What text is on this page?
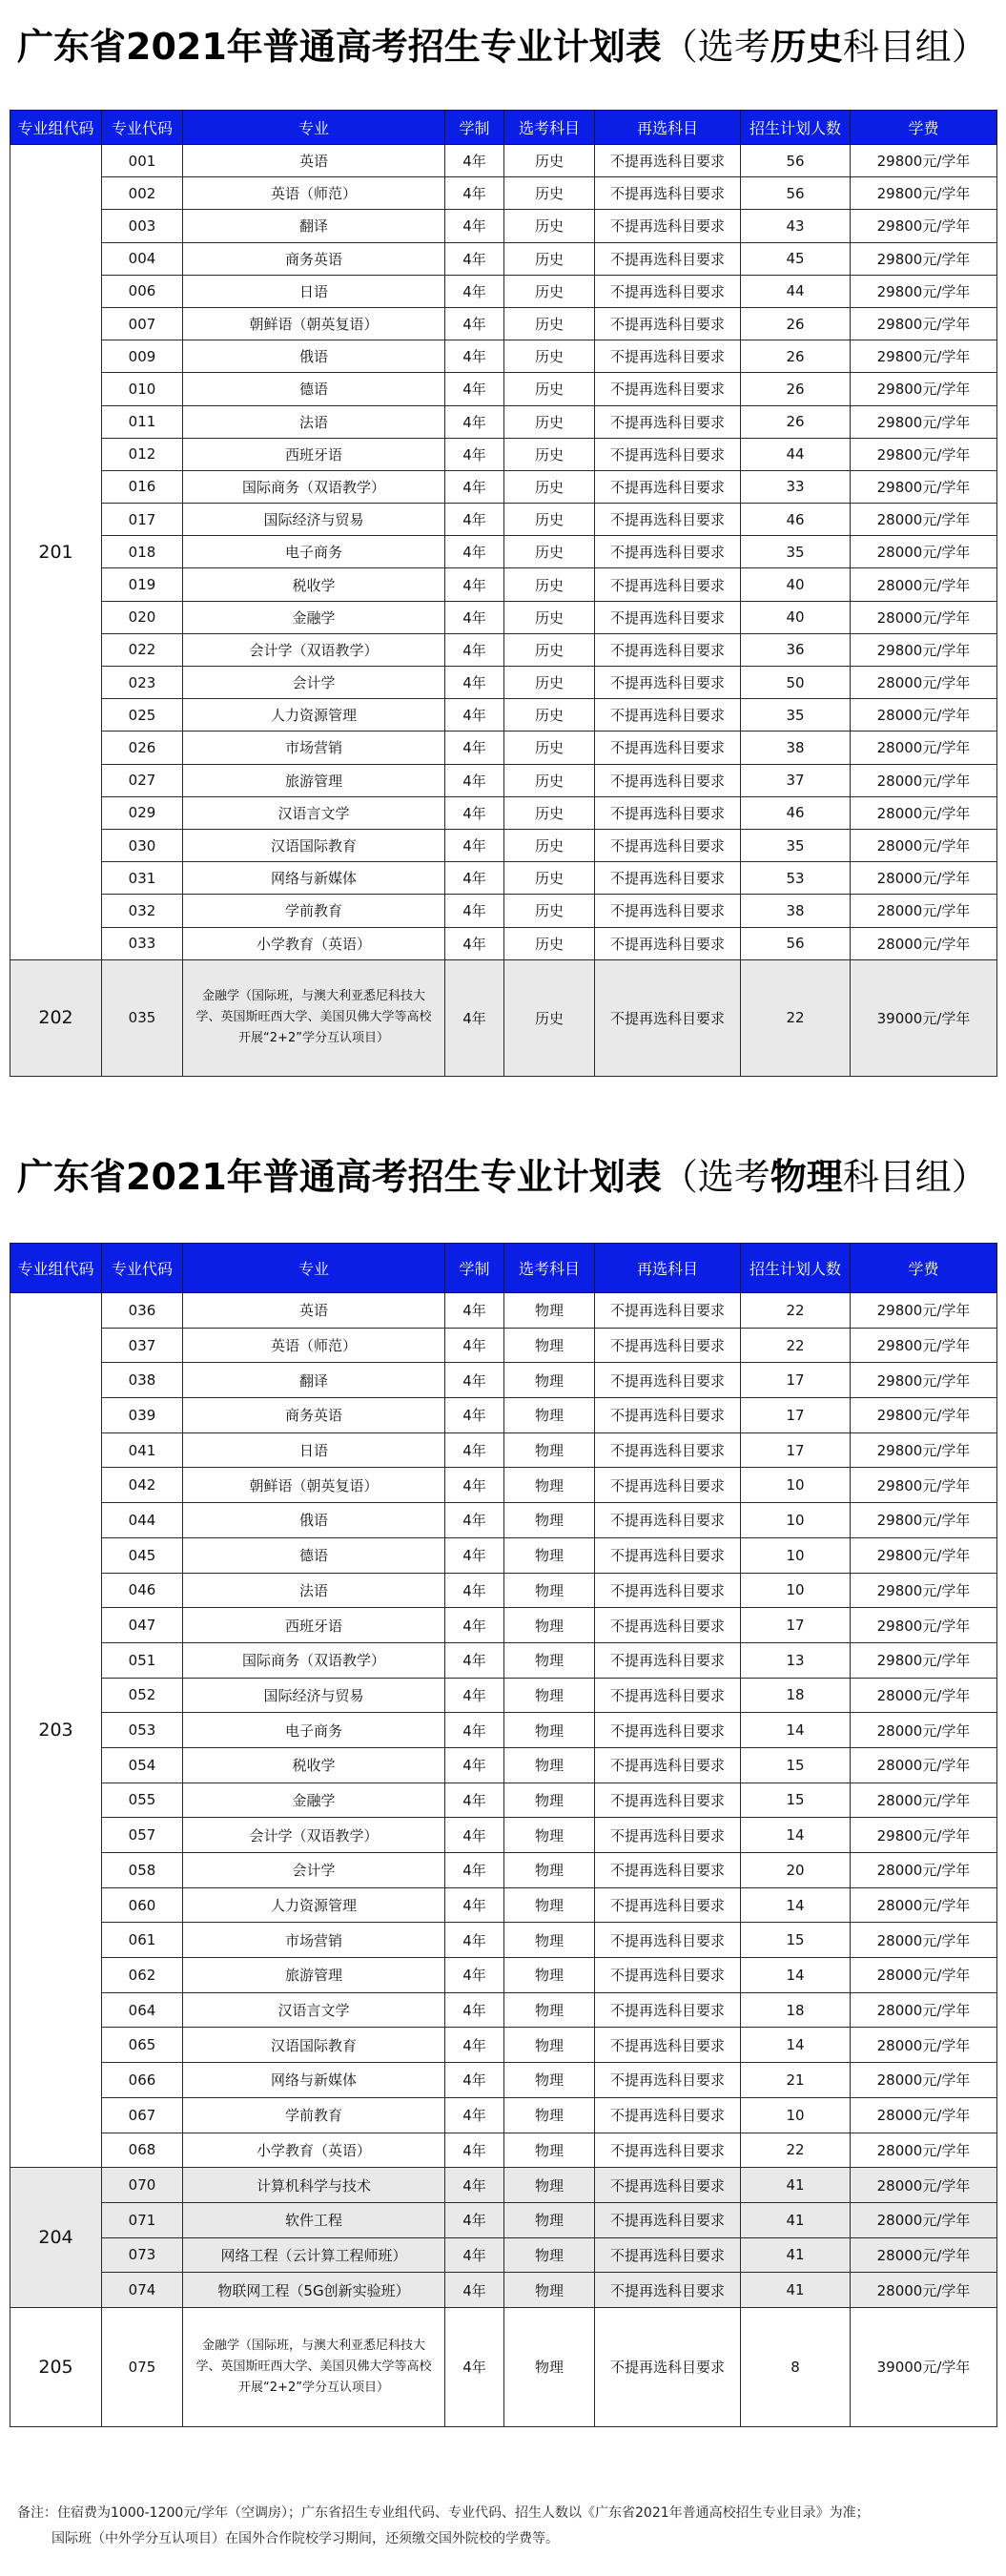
广东省2021年普通高考招生专业计划表（选考历史科目组）
专业组代码	专业代码	专业	学制	选考科目	再选科目	招生计划人数	学费
201	001	英语	4年	历史	不提再选科目要求	56	29800元/学年
	002	英语（师范）	4年	历史	不提再选科目要求	56	29800元/学年
	003	翻译	4年	历史	不提再选科目要求	43	29800元/学年
	004	商务英语	4年	历史	不提再选科目要求	45	29800元/学年
	006	日语	4年	历史	不提再选科目要求	44	29800元/学年
	007	朝鲜语（朝英复语）	4年	历史	不提再选科目要求	26	29800元/学年
	009	俄语	4年	历史	不提再选科目要求	26	29800元/学年
	010	德语	4年	历史	不提再选科目要求	26	29800元/学年
	011	法语	4年	历史	不提再选科目要求	26	29800元/学年
	012	西班牙语	4年	历史	不提再选科目要求	44	29800元/学年
	016	国际商务（双语教学）	4年	历史	不提再选科目要求	33	29800元/学年
	017	国际经济与贸易	4年	历史	不提再选科目要求	46	28000元/学年
	018	电子商务	4年	历史	不提再选科目要求	35	28000元/学年
	019	税收学	4年	历史	不提再选科目要求	40	28000元/学年
	020	金融学	4年	历史	不提再选科目要求	40	28000元/学年
	022	会计学（双语教学）	4年	历史	不提再选科目要求	36	29800元/学年
	023	会计学	4年	历史	不提再选科目要求	50	28000元/学年
	025	人力资源管理	4年	历史	不提再选科目要求	35	28000元/学年
	026	市场营销	4年	历史	不提再选科目要求	38	28000元/学年
	027	旅游管理	4年	历史	不提再选科目要求	37	28000元/学年
	029	汉语言文学	4年	历史	不提再选科目要求	46	28000元/学年
	030	汉语国际教育	4年	历史	不提再选科目要求	35	28000元/学年
	031	网络与新媒体	4年	历史	不提再选科目要求	53	28000元/学年
	032	学前教育	4年	历史	不提再选科目要求	38	28000元/学年
	033	小学教育（英语）	4年	历史	不提再选科目要求	56	28000元/学年
202	035	金融学（国际班，与澳大利亚悉尼科技大学、英国斯旺西大学、美国贝佛大学等高校开展“2+2”学分互认项目）	4年	历史	不提再选科目要求	22	39000元/学年
广东省2021年普通高考招生专业计划表（选考物理科目组）
专业组代码	专业代码	专业	学制	选考科目	再选科目	招生计划人数	学费
203	036	英语	4年	物理	不提再选科目要求	22	29800元/学年
	037	英语（师范）	4年	物理	不提再选科目要求	22	29800元/学年
	038	翻译	4年	物理	不提再选科目要求	17	29800元/学年
	039	商务英语	4年	物理	不提再选科目要求	17	29800元/学年
	041	日语	4年	物理	不提再选科目要求	17	29800元/学年
	042	朝鲜语（朝英复语）	4年	物理	不提再选科目要求	10	29800元/学年
	044	俄语	4年	物理	不提再选科目要求	10	29800元/学年
	045	德语	4年	物理	不提再选科目要求	10	29800元/学年
	046	法语	4年	物理	不提再选科目要求	10	29800元/学年
	047	西班牙语	4年	物理	不提再选科目要求	17	29800元/学年
	051	国际商务（双语教学）	4年	物理	不提再选科目要求	13	29800元/学年
	052	国际经济与贸易	4年	物理	不提再选科目要求	18	28000元/学年
	053	电子商务	4年	物理	不提再选科目要求	14	28000元/学年
	054	税收学	4年	物理	不提再选科目要求	15	28000元/学年
	055	金融学	4年	物理	不提再选科目要求	15	28000元/学年
	057	会计学（双语教学）	4年	物理	不提再选科目要求	14	29800元/学年
	058	会计学	4年	物理	不提再选科目要求	20	28000元/学年
	060	人力资源管理	4年	物理	不提再选科目要求	14	28000元/学年
	061	市场营销	4年	物理	不提再选科目要求	15	28000元/学年
	062	旅游管理	4年	物理	不提再选科目要求	14	28000元/学年
	064	汉语言文学	4年	物理	不提再选科目要求	18	28000元/学年
	065	汉语国际教育	4年	物理	不提再选科目要求	14	28000元/学年
	066	网络与新媒体	4年	物理	不提再选科目要求	21	28000元/学年
	067	学前教育	4年	物理	不提再选科目要求	10	28000元/学年
	068	小学教育（英语）	4年	物理	不提再选科目要求	22	28000元/学年
204	070	计算机科学与技术	4年	物理	不提再选科目要求	41	28000元/学年
	071	软件工程	4年	物理	不提再选科目要求	41	28000元/学年
	073	网络工程（云计算工程师班）	4年	物理	不提再选科目要求	41	28000元/学年
	074	物联网工程（5G创新实验班）	4年	物理	不提再选科目要求	41	28000元/学年
205	075	金融学（国际班，与澳大利亚悉尼科技大学、英国斯旺西大学、美国贝佛大学等高校开展“2+2”学分互认项目）	4年	物理	不提再选科目要求	8	39000元/学年

备注：住宿费为1000-1200元/学年（空调房）；广东省招生专业组代码、专业代码、招生人数以《广东省2021年普通高校招生专业目录》为准；

国际班（中外学分互认项目）在国外合作院校学习期间，还须缴交国外院校的学费等。
